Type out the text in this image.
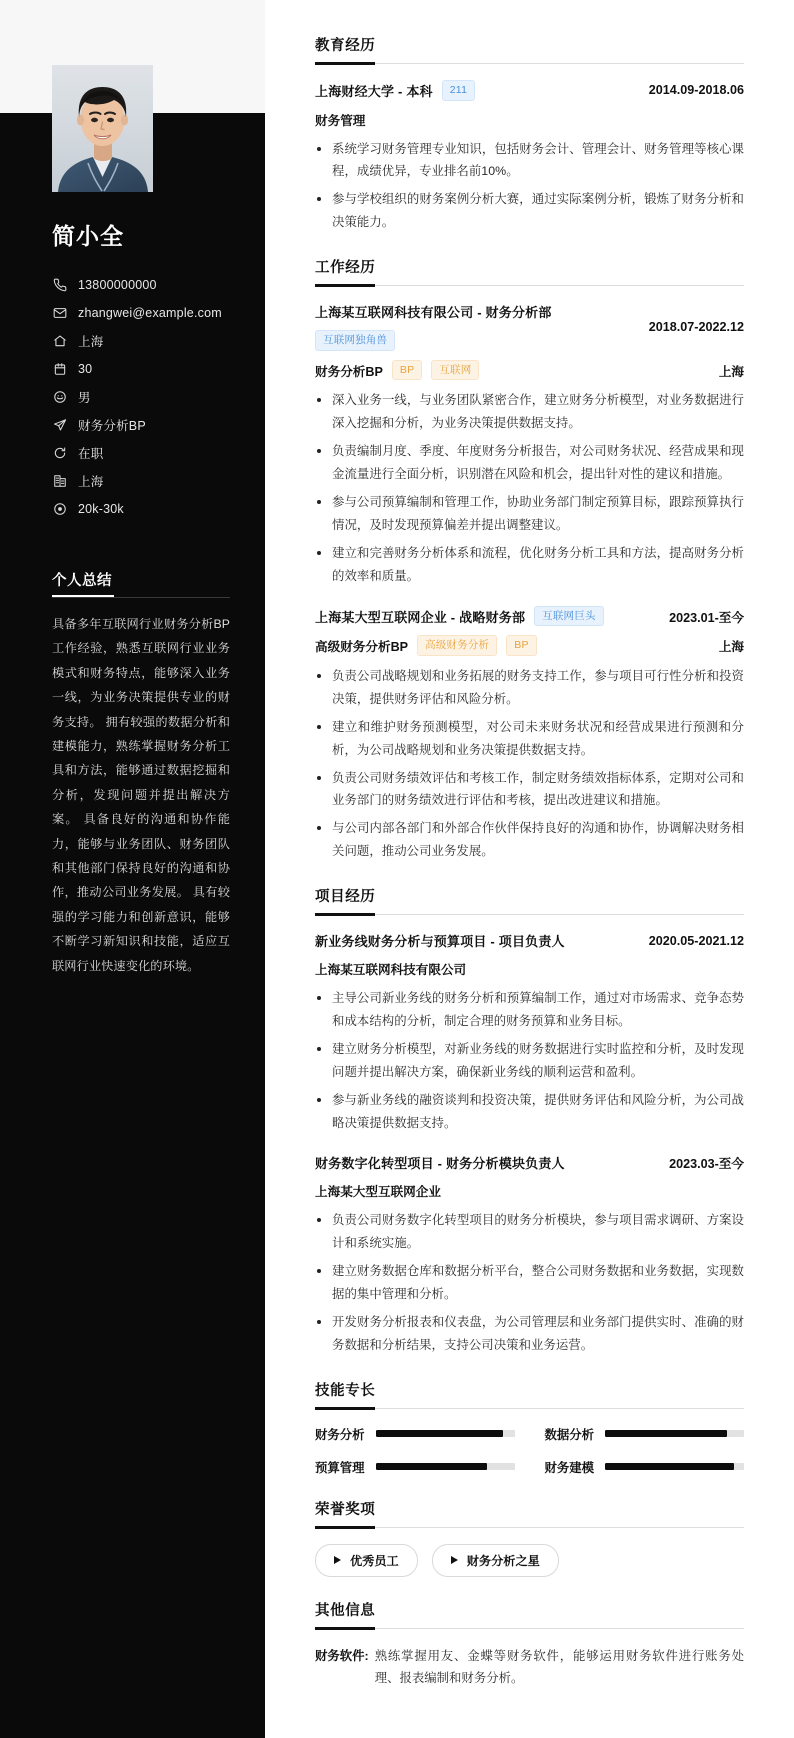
简小全
13800000000
zhangwei@example.com
上海
30
男
财务分析BP
在职
上海
20k-30k
个人总结
具备多年互联网行业财务分析BP工作经验，熟悉互联网行业业务模式和财务特点，能够深入业务一线，为业务决策提供专业的财务支持。 拥有较强的数据分析和建模能力，熟练掌握财务分析工具和方法，能够通过数据挖掘和分析，发现问题并提出解决方案。 具备良好的沟通和协作能力，能够与业务团队、财务团队和其他部门保持良好的沟通和协作，推动公司业务发展。 具有较强的学习能力和创新意识，能够不断学习新知识和技能，适应互联网行业快速变化的环境。
教育经历
上海财经大学 - 本科	211	2014.09-2018.06
财务管理
系统学习财务管理专业知识，包括财务会计、管理会计、财务管理等核心课程，成绩优异，专业排名前10%。
参与学校组织的财务案例分析大赛，通过实际案例分析，锻炼了财务分析和决策能力。
工作经历
上海某互联网科技有限公司 - 财务分析部
互联网独角兽
2018.07-2022.12
财务分析BP	BP	互联网	上海
深入业务一线，与业务团队紧密合作，建立财务分析模型，对业务数据进行深入挖掘和分析，为业务决策提供数据支持。
负责编制月度、季度、年度财务分析报告，对公司财务状况、经营成果和现金流量进行全面分析，识别潜在风险和机会，提出针对性的建议和措施。
参与公司预算编制和管理工作，协助业务部门制定预算目标，跟踪预算执行情况，及时发现预算偏差并提出调整建议。
建立和完善财务分析体系和流程，优化财务分析工具和方法，提高财务分析的效率和质量。
上海某大型互联网企业 - 战略财务部	互联网巨头	2023.01-至今
高级财务分析BP	高级财务分析	BP	上海
负责公司战略规划和业务拓展的财务支持工作，参与项目可行性分析和投资决策，提供财务评估和风险分析。
建立和维护财务预测模型，对公司未来财务状况和经营成果进行预测和分析，为公司战略规划和业务决策提供数据支持。
负责公司财务绩效评估和考核工作，制定财务绩效指标体系，定期对公司和业务部门的财务绩效进行评估和考核，提出改进建议和措施。
与公司内部各部门和外部合作伙伴保持良好的沟通和协作，协调解决财务相关问题，推动公司业务发展。
项目经历
新业务线财务分析与预算项目 - 项目负责人	2020.05-2021.12
上海某互联网科技有限公司
主导公司新业务线的财务分析和预算编制工作，通过对市场需求、竞争态势和成本结构的分析，制定合理的财务预算和业务目标。
建立财务分析模型，对新业务线的财务数据进行实时监控和分析，及时发现问题并提出解决方案，确保新业务线的顺利运营和盈利。
参与新业务线的融资谈判和投资决策，提供财务评估和风险分析，为公司战略决策提供数据支持。
财务数字化转型项目 - 财务分析模块负责人	2023.03-至今
上海某大型互联网企业
负责公司财务数字化转型项目的财务分析模块，参与项目需求调研、方案设计和系统实施。
建立财务数据仓库和数据分析平台，整合公司财务数据和业务数据，实现数据的集中管理和分析。
开发财务分析报表和仪表盘，为公司管理层和业务部门提供实时、准确的财务数据和分析结果，支持公司决策和业务运营。
技能专长
财务分析	数据分析
预算管理	财务建模
荣誉奖项
优秀员工	财务分析之星
其他信息
财务软件: 熟练掌握用友、金蝶等财务软件，能够运用财务软件进行账务处理、报表编制和财务分析。
